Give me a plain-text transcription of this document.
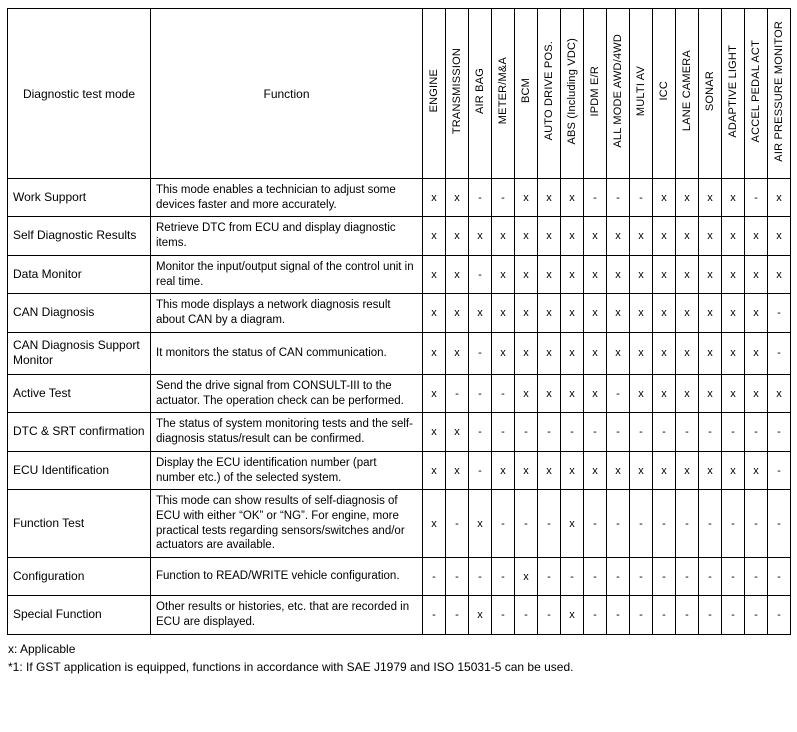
Diagnostic test mode	Function	ENGINE	TRANSMISSION	AIR BAG	METER/M&A	BCM	AUTO DRIVE POS.	ABS (Including VDC)	IPDM E/R	ALL MODE AWD/4WD	MULTI AV	ICC	LANE CAMERA	SONAR	ADAPTIVE LIGHT	ACCEL PEDAL ACT	AIR PRESSURE MONITOR
Work Support	This mode enables a technician to adjust some devices faster and more accurately.	x	x	-	-	x	x	x	-	-	-	x	x	x	x	-	x
Self Diagnostic Results	Retrieve DTC from ECU and display diagnostic items.	x	x	x	x	x	x	x	x	x	x	x	x	x	x	x	x
Data Monitor	Monitor the input/output signal of the control unit in real time.	x	x	-	x	x	x	x	x	x	x	x	x	x	x	x	x
CAN Diagnosis	This mode displays a network diagnosis result about CAN by a diagram.	x	x	x	x	x	x	x	x	x	x	x	x	x	x	x	-
CAN Diagnosis Support Monitor	It monitors the status of CAN communication.	x	x	-	x	x	x	x	x	x	x	x	x	x	x	x	-
Active Test	Send the drive signal from CONSULT-III to the actuator. The operation check can be performed.	x	-	-	-	x	x	x	x	-	x	x	x	x	x	x	x
DTC & SRT confirmation	The status of system monitoring tests and the self-diagnosis status/result can be confirmed.	x	x	-	-	-	-	-	-	-	-	-	-	-	-	-	-
ECU Identification	Display the ECU identification number (part number etc.) of the selected system.	x	x	-	x	x	x	x	x	x	x	x	x	x	x	x	-
Function Test	This mode can show results of self-diagnosis of ECU with either “OK” or “NG”. For engine, more practical tests regarding sensors/switches and/or actuators are available.	x	-	x	-	-	-	x	-	-	-	-	-	-	-	-	-
Configuration	Function to READ/WRITE vehicle configuration.	-	-	-	-	x	-	-	-	-	-	-	-	-	-	-	-
Special Function	Other results or histories, etc. that are recorded in ECU are displayed.	-	-	x	-	-	-	x	-	-	-	-	-	-	-	-	-
x: Applicable
*1: If GST application is equipped, functions in accordance with SAE J1979 and ISO 15031-5 can be used.
